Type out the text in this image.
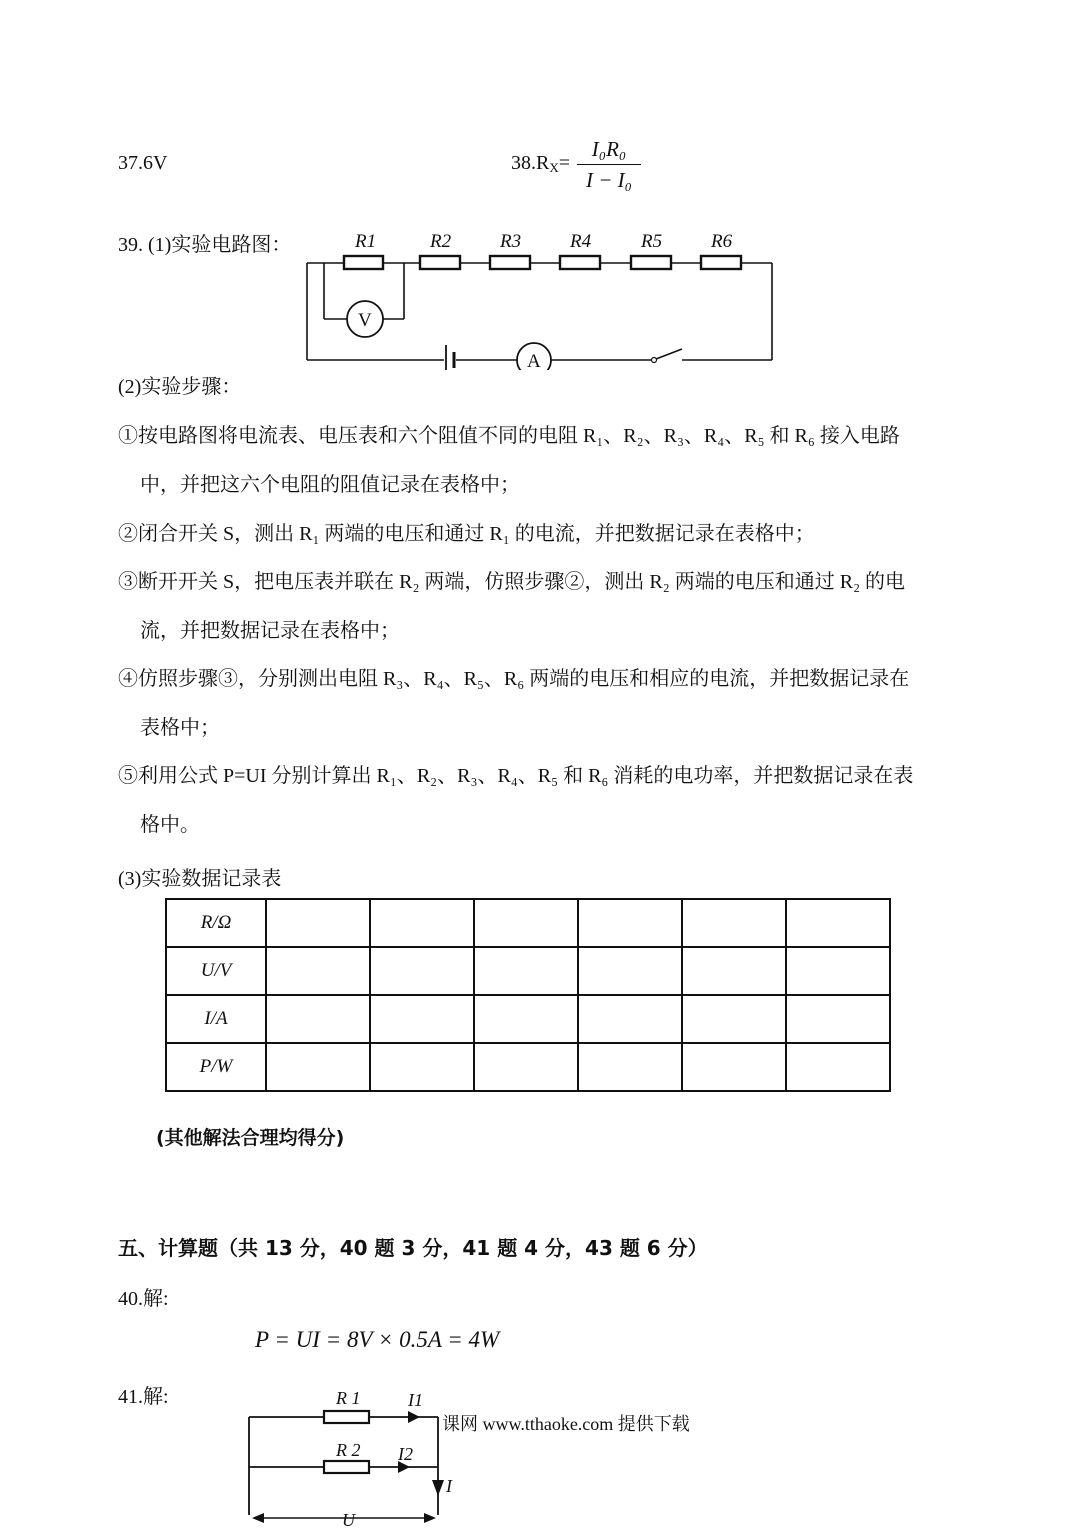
37.6V	$38.R_X=$
I₀R₀
I − I₀
39. (1)实验电路图：	R1	R2	R3	R4	R5	R6
V
A
(2)实验步骤：
①按电路图将电流表、电压表和六个阻值不同的电阻 R₁、R₂、R₃、R₄、R₅ 和 R₆ 接入电路
中，并把这六个电阻的阻值记录在表格中；
②闭合开关 S，测出 R₁ 两端的电压和通过 R₁ 的电流，并把数据记录在表格中；
③断开开关 S，把电压表并联在 R₂ 两端，仿照步骤②，测出 R₂ 两端的电压和通过 R₂ 的电
流，并把数据记录在表格中；
④仿照步骤③，分别测出电阻 R₃、R₄、R₅、R₆ 两端的电压和相应的电流，并把数据记录在
表格中；
⑤利用公式 P=UI 分别计算出 R₁、R₂、R₃、R₄、R₅ 和 R₆ 消耗的电功率，并把数据记录在表
格中。
(3)实验数据记录表
R/Ω						
U/V						
I/A						
P/W						
(其他解法合理均得分)
五、计算题（共 13 分，40 题 3 分，41 题 4 分，43 题 6 分）
40.解:
P = UI = 8V × 0.5A = 4W
41.解:	R 1
R 2
I1
I2
I
U
课网 www.tthaoke.com 提供下载
